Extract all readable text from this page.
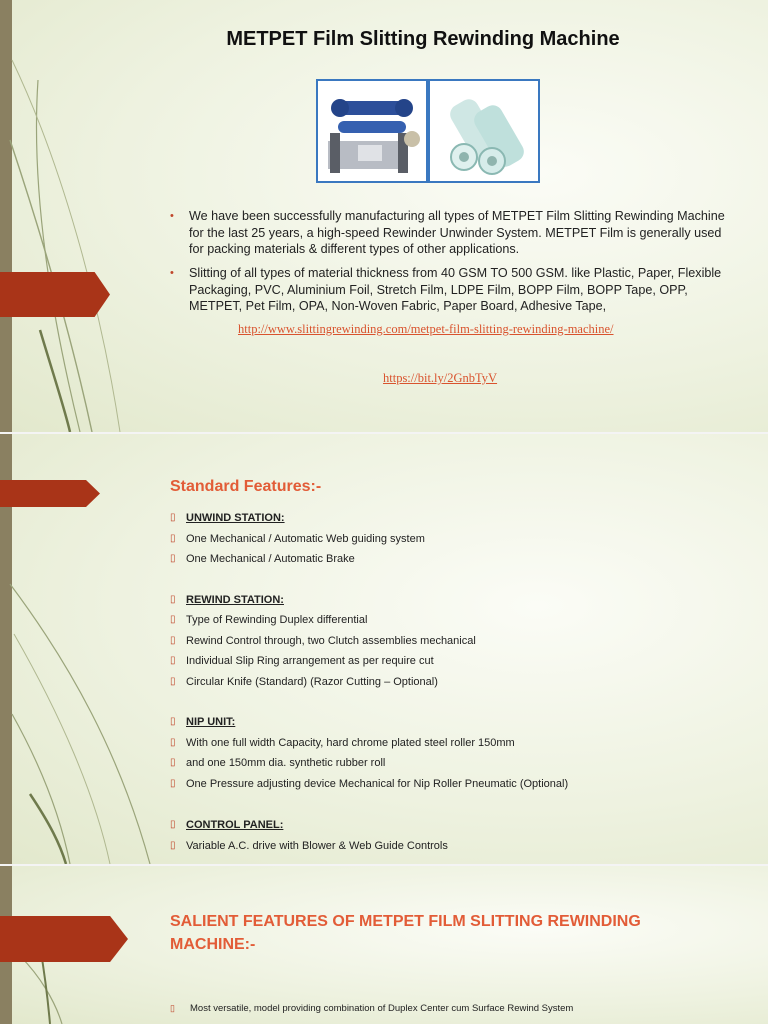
METPET Film Slitting Rewinding Machine
• We have been successfully manufacturing all types of METPET Film Slitting Rewinding Machine for the last 25 years, a high-speed Rewinder Unwinder System. METPET Film is generally used for packing materials & different types of other applications.
• Slitting of all types of material thickness from 40 GSM TO 500 GSM. like Plastic, Paper, Flexible Packaging, PVC, Aluminium Foil, Stretch Film, LDPE Film, BOPP Film, BOPP Tape, OPP, METPET, Pet Film, OPA, Non-Woven Fabric, Paper Board, Adhesive Tape,
http://www.slittingrewinding.com/metpet-film-slitting-rewinding-machine/
https://bit.ly/2GnbTyV
Standard Features:-
▯ UNWIND STATION:
▯ One Mechanical / Automatic Web guiding system
▯ One Mechanical / Automatic Brake
▯ REWIND STATION:
▯ Type of Rewinding Duplex differential
▯ Rewind Control through, two Clutch assemblies mechanical
▯ Individual Slip Ring arrangement as per require cut
▯ Circular Knife (Standard) (Razor Cutting – Optional)
▯ NIP UNIT:
▯ With one full width Capacity, hard chrome plated steel roller 150mm
▯ and one 150mm dia. synthetic rubber roll
▯ One Pressure adjusting device Mechanical for Nip Roller Pneumatic (Optional)
▯ CONTROL PANEL:
▯ Variable A.C. drive with Blower & Web Guide Controls
SALIENT FEATURES OF METPET FILM SLITTING REWINDING MACHINE:-
▯ Most versatile, model providing combination of Duplex Center cum Surface Rewind System
